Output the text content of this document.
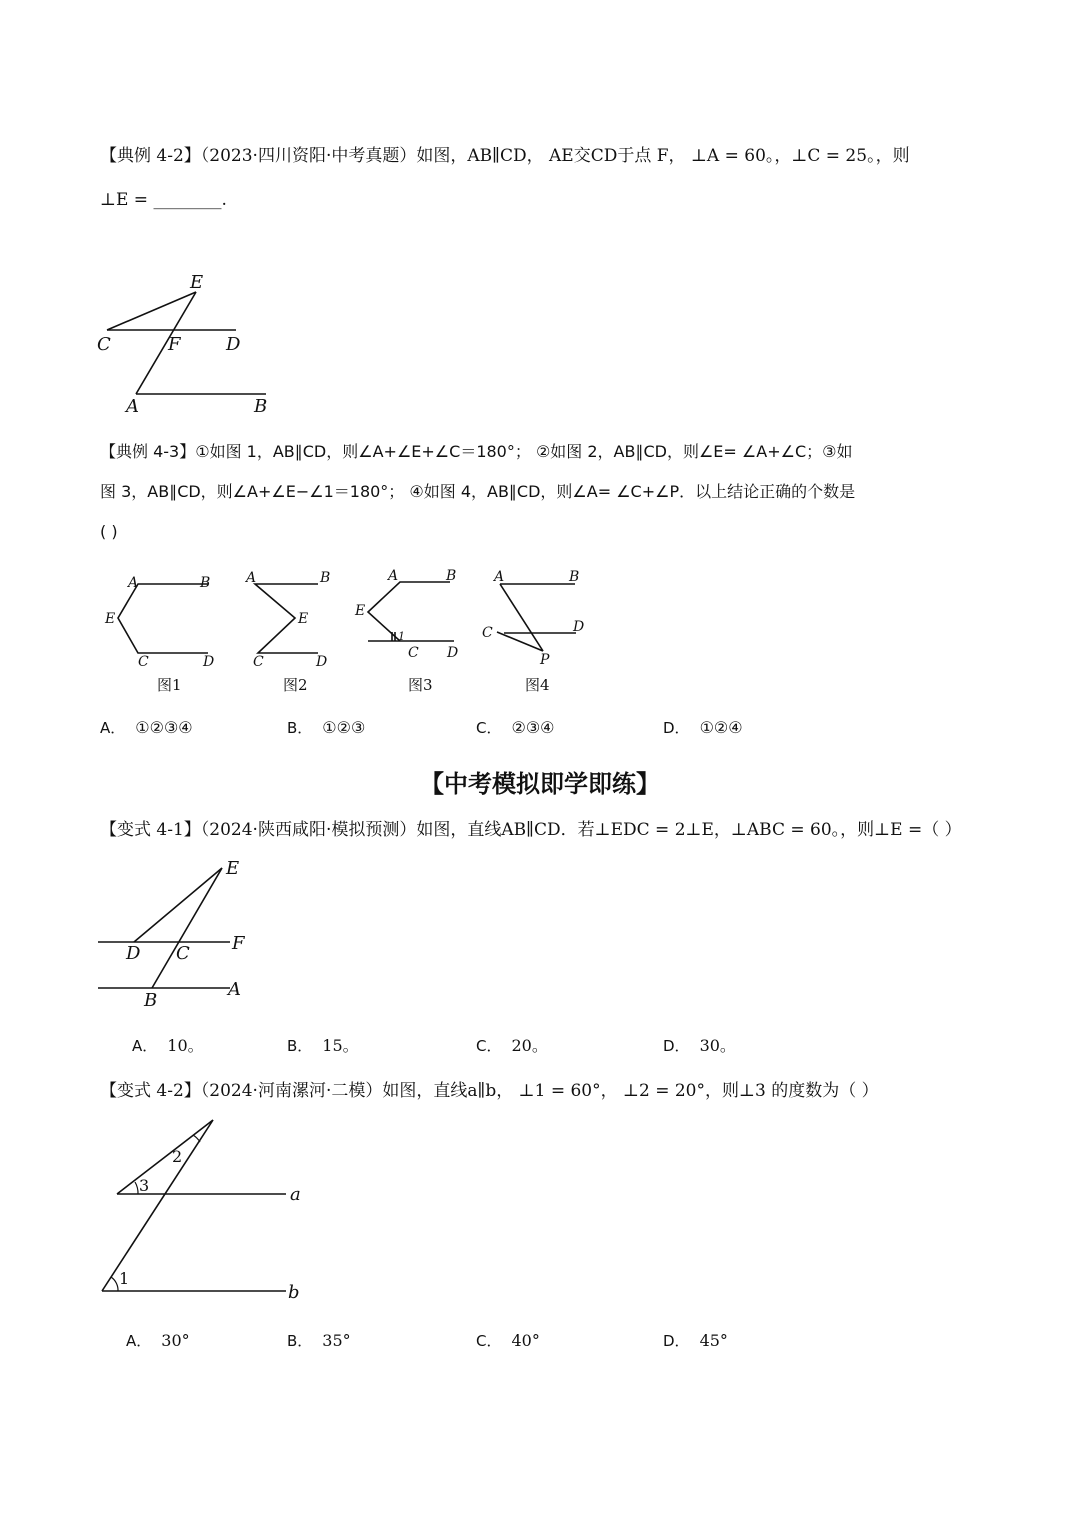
【典例 4-2】（2023·四川资阳·中考真题）如图，AB∥CD， AE交CD于点 F， ⊥A = 60。，⊥C = 25。，则
⊥E = ________.
E
C	F	D
A	B
【典例 4-3】①如图 1，AB∥CD，则∠A+∠E+∠C＝180°； ②如图 2，AB∥CD，则∠E= ∠A+∠C；③如
图 3，AB∥CD，则∠A+∠E−∠1＝180°； ④如图 4，AB∥CD，则∠A= ∠C+∠P．以上结论正确的个数是
( )
A	B
E
C	D
图1
A	B
E
C	D
图2
A	B
E
1
C D
图3
A	B
C	D
P
图4
A． ①②③④	B． ①②③	C． ②③④	D． ①②④
【中考模拟即学即练】
【变式 4-1】（2024·陕西咸阳·模拟预测）如图，直线AB∥CD．若⊥EDC = 2⊥E，⊥ABC = 60。，则⊥E =（ ）
E
D C F
B
A
A． 10。	B． 15。	C． 20。	D． 30。
【变式 4-2】（2024·河南漯河·二模）如图，直线a∥b， ⊥1 = 60°， ⊥2 = 20°，则⊥3 的度数为（ ）
2
3	a
1
b
A． 30°	B． 35°	C． 40°	D． 45°
